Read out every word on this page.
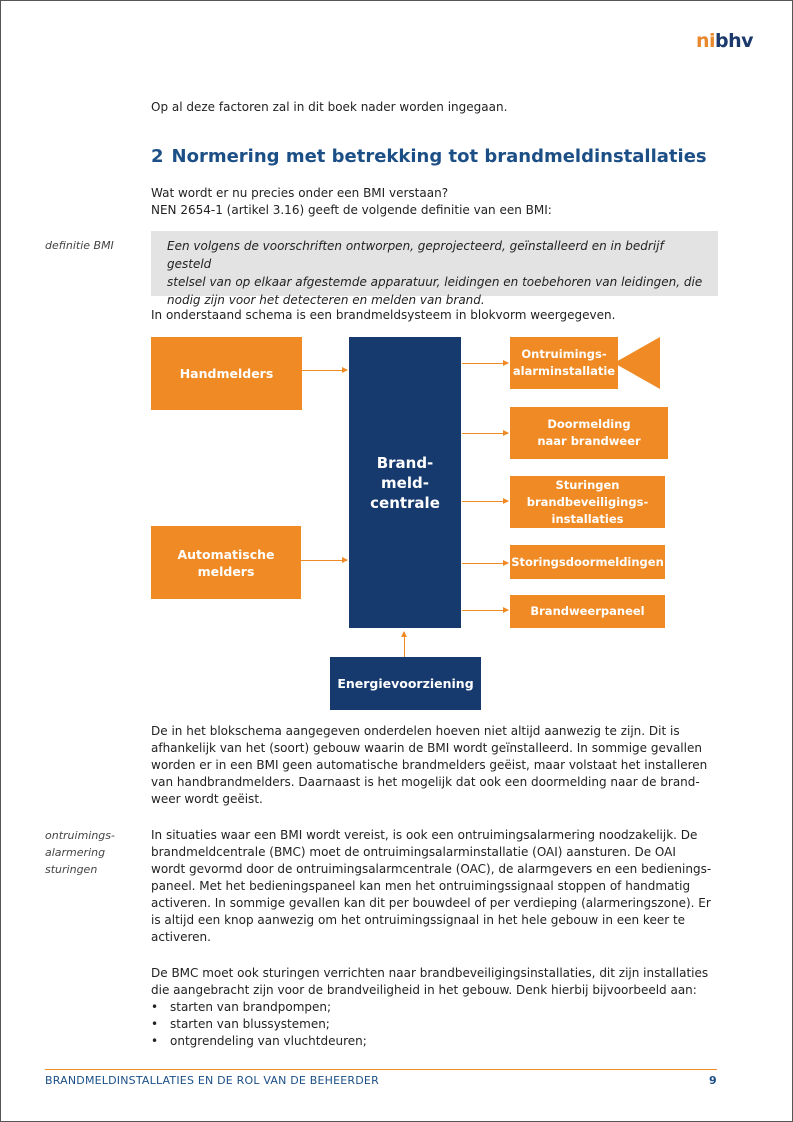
nibhv
Op al deze factoren zal in dit boek nader worden ingegaan.
2 Normering met betrekking tot brandmeldinstallaties
Wat wordt er nu precies onder een BMI verstaan?
NEN 2654-1 (artikel 3.16) geeft de volgende definitie van een BMI:
definitie BMI	Een volgens de voorschriften ontworpen, geprojecteerd, geïnstalleerd en in bedrijf gesteld
stelsel van op elkaar afgestemde apparatuur, leidingen en toebehoren van leidingen, die
nodig zijn voor het detecteren en melden van brand.
In onderstaand schema is een brandmeldsysteem in blokvorm weergegeven.
Handmelders
Automatische
melders
Brand-
meld-
centrale
Ontruimings-
alarminstallatie
Doormelding
naar brandweer
Sturingen
brandbeveiligings-
installaties
Storingsdoormeldingen
Brandweerpaneel
Energievoorziening
De in het blokschema aangegeven onderdelen hoeven niet altijd aanwezig te zijn. Dit is
afhankelijk van het (soort) gebouw waarin de BMI wordt geïnstalleerd. In sommige gevallen
worden er in een BMI geen automatische brandmelders geëist, maar volstaat het installeren
van handbrandmelders. Daarnaast is het mogelijk dat ook een doormelding naar de brand-
weer wordt geëist.
ontruimings-
alarmering
sturingen
In situaties waar een BMI wordt vereist, is ook een ontruimingsalarmering noodzakelijk. De
brandmeldcentrale (BMC) moet de ontruimingsalarminstallatie (OAI) aansturen. De OAI
wordt gevormd door de ontruimingsalarmcentrale (OAC), de alarmgevers en een bedienings-
paneel. Met het bedieningspaneel kan men het ontruimingssignaal stoppen of handmatig
activeren. In sommige gevallen kan dit per bouwdeel of per verdieping (alarmeringszone). Er
is altijd een knop aanwezig om het ontruimingssignaal in het hele gebouw in een keer te
activeren.
De BMC moet ook sturingen verrichten naar brandbeveiligingsinstallaties, dit zijn installaties
die aangebracht zijn voor de brandveiligheid in het gebouw. Denk hierbij bijvoorbeeld aan:
• starten van brandpompen;
• starten van blussystemen;
• ontgrendeling van vluchtdeuren;
BRANDMELDINSTALLATIES EN DE ROL VAN DE BEHEERDER	9
